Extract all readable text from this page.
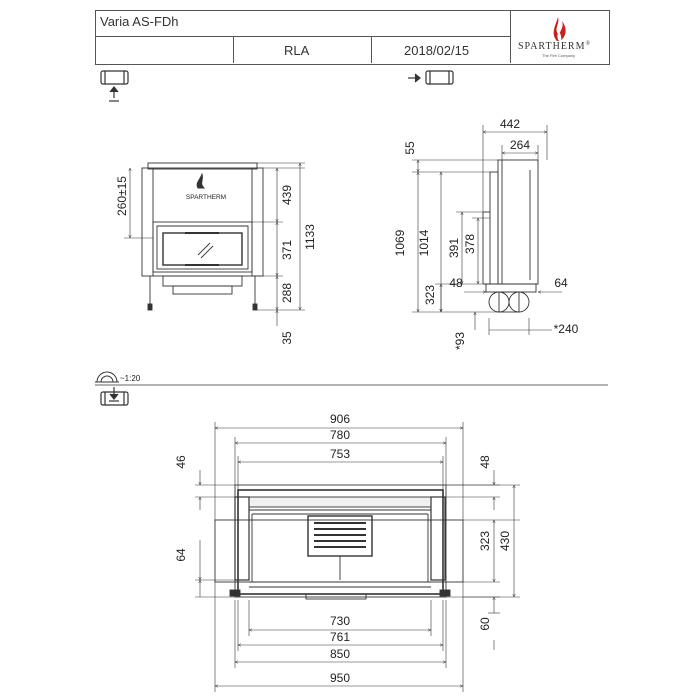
Varia AS-FDh
RLA	2018/02/15	SPARTHERM®
The Fire Company
SPARTHERM
260±15	439
371
288
35
1133
442
264
55
1069 1014 391 378
323
48	64
*93
*240
~1:20
906
780
753
46	48
64
323 430
60
730
761
850
950
